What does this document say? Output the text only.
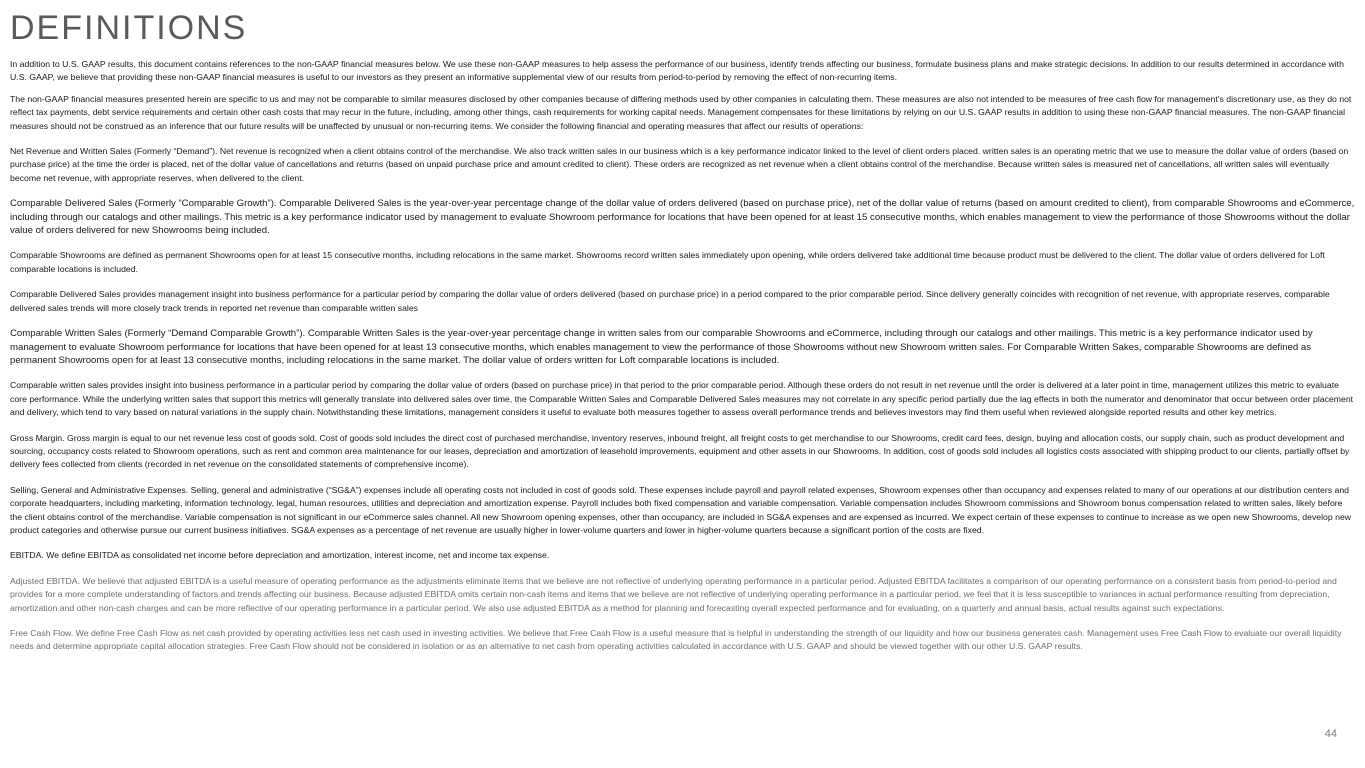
DEFINITIONS

In addition to U.S. GAAP results, this document contains references to the non-GAAP financial measures below. We use these non-GAAP measures to help assess the performance of our business, identify trends affecting our business, formulate business plans and make strategic decisions. In addition to our results determined in accordance with U.S. GAAP, we believe that providing these non-GAAP financial measures is useful to our investors as they present an informative supplemental view of our results from period-to-period by removing the effect of non-recurring items.

The non-GAAP financial measures presented herein are specific to us and may not be comparable to similar measures disclosed by other companies because of differing methods used by other companies in calculating them. These measures are also not intended to be measures of free cash flow for management’s discretionary use, as they do not reflect tax payments, debt service requirements and certain other cash costs that may recur in the future, including, among other things, cash requirements for working capital needs. Management compensates for these limitations by relying on our U.S. GAAP results in addition to using these non-GAAP financial measures. The non-GAAP financial measures should not be construed as an inference that our future results will be unaffected by unusual or non-recurring items. We consider the following financial and operating measures that affect our results of operations:

Net Revenue and Written Sales (Formerly “Demand”). Net revenue is recognized when a client obtains control of the merchandise. We also track written sales in our business which is a key performance indicator linked to the level of client orders placed. written sales is an operating metric that we use to measure the dollar value of orders (based on purchase price) at the time the order is placed, net of the dollar value of cancellations and returns (based on unpaid purchase price and amount credited to client). These orders are recognized as net revenue when a client obtains control of the merchandise. Because written sales is measured net of cancellations, all written sales will eventually become net revenue, with appropriate reserves, when delivered to the client.

Comparable Delivered Sales (Formerly “Comparable Growth”). Comparable Delivered Sales is the year-over-year percentage change of the dollar value of orders delivered (based on purchase price), net of the dollar value of returns (based on amount credited to client), from comparable Showrooms and eCommerce, including through our catalogs and other mailings. This metric is a key performance indicator used by management to evaluate Showroom performance for locations that have been opened for at least 15 consecutive months, which enables management to view the performance of those Showrooms without the dollar value of orders delivered for new Showrooms being included.

Comparable Showrooms are defined as permanent Showrooms open for at least 15 consecutive months, including relocations in the same market. Showrooms record written sales immediately upon opening, while orders delivered take additional time because product must be delivered to the client. The dollar value of orders delivered for Loft comparable locations is included.

Comparable Delivered Sales provides management insight into business performance for a particular period by comparing the dollar value of orders delivered (based on purchase price) in a period compared to the prior comparable period. Since delivery generally coincides with recognition of net revenue, with appropriate reserves, comparable delivered sales trends will more closely track trends in reported net revenue than comparable written sales

Comparable Written Sales (Formerly “Demand Comparable Growth”). Comparable Written Sales is the year-over-year percentage change in written sales from our comparable Showrooms and eCommerce, including through our catalogs and other mailings. This metric is a key performance indicator used by management to evaluate Showroom performance for locations that have been opened for at least 13 consecutive months, which enables management to view the performance of those Showrooms without new Showroom written sales. For Comparable Written Sakes, comparable Showrooms are defined as permanent Showrooms open for at least 13 consecutive months, including relocations in the same market. The dollar value of orders written for Loft comparable locations is included.

Comparable written sales provides insight into business performance in a particular period by comparing the dollar value of orders (based on purchase price) in that period to the prior comparable period. Although these orders do not result in net revenue until the order is delivered at a later point in time, management utilizes this metric to evaluate core performance. While the underlying written sales that support this metrics will generally translate into delivered sales over time, the Comparable Written Sales and Comparable Delivered Sales measures may not correlate in any specific period partially due the lag effects in both the numerator and denominator that occur between order placement and delivery, which tend to vary based on natural variations in the supply chain. Notwithstanding these limitations, management considers it useful to evaluate both measures together to assess overall performance trends and believes investors may find them useful when reviewed alongside reported results and other key metrics.

Gross Margin. Gross margin is equal to our net revenue less cost of goods sold. Cost of goods sold includes the direct cost of purchased merchandise, inventory reserves, inbound freight, all freight costs to get merchandise to our Showrooms, credit card fees, design, buying and allocation costs, our supply chain, such as product development and sourcing, occupancy costs related to Showroom operations, such as rent and common area maintenance for our leases, depreciation and amortization of leasehold improvements, equipment and other assets in our Showrooms. In addition, cost of goods sold includes all logistics costs associated with shipping product to our clients, partially offset by delivery fees collected from clients (recorded in net revenue on the consolidated statements of comprehensive income).

Selling, General and Administrative Expenses. Selling, general and administrative (“SG&A”) expenses include all operating costs not included in cost of goods sold. These expenses include payroll and payroll related expenses, Showroom expenses other than occupancy and expenses related to many of our operations at our distribution centers and corporate headquarters, including marketing, information technology, legal, human resources, utilities and depreciation and amortization expense. Payroll includes both fixed compensation and variable compensation. Variable compensation includes Showroom commissions and Showroom bonus compensation related to written sales, likely before the client obtains control of the merchandise. Variable compensation is not significant in our eCommerce sales channel. All new Showroom opening expenses, other than occupancy, are included in SG&A expenses and are expensed as incurred. We expect certain of these expenses to continue to increase as we open new Showrooms, develop new product categories and otherwise pursue our current business initiatives. SG&A expenses as a percentage of net revenue are usually higher in lower-volume quarters and lower in higher-volume quarters because a significant portion of the costs are fixed.

EBITDA. We define EBITDA as consolidated net income before depreciation and amortization, interest income, net and income tax expense.

Adjusted EBITDA. We believe that adjusted EBITDA is a useful measure of operating performance as the adjustments eliminate items that we believe are not reflective of underlying operating performance in a particular period. Adjusted EBITDA facilitates a comparison of our operating performance on a consistent basis from period-to-period and provides for a more complete understanding of factors and trends affecting our business. Because adjusted EBITDA omits certain non-cash items and items that we believe are not reflective of underlying operating performance in a particular period, we feel that it is less susceptible to variances in actual performance resulting from depreciation, amortization and other non-cash charges and can be more reflective of our operating performance in a particular period. We also use adjusted EBITDA as a method for planning and forecasting overall expected performance and for evaluating, on a quarterly and annual basis, actual results against such expectations.

Free Cash Flow. We define Free Cash Flow as net cash provided by operating activities less net cash used in investing activities. We believe that Free Cash Flow is a useful measure that is helpful in understanding the strength of our liquidity and how our business generates cash. Management uses Free Cash Flow to evaluate our overall liquidity needs and determine appropriate capital allocation strategies. Free Cash Flow should not be considered in isolation or as an alternative to net cash from operating activities calculated in accordance with U.S. GAAP and should be viewed together with our other U.S. GAAP results.

44
